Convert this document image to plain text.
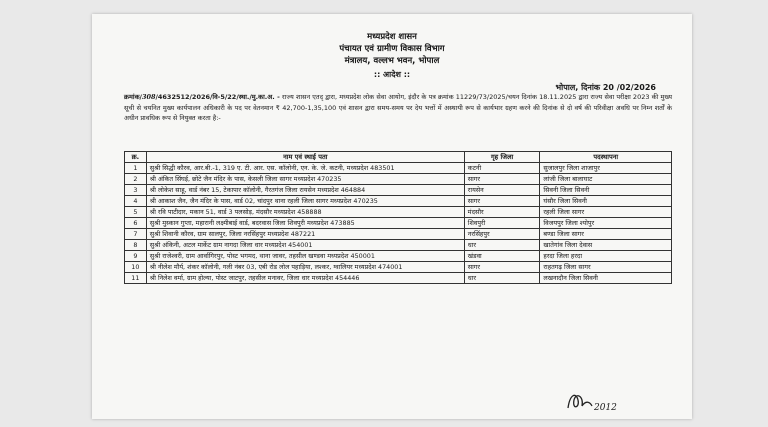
मध्यप्रदेश शासन
पंचायत एवं ग्रामीण विकास विभाग
मंत्रालय, वल्लभ भवन, भोपाल
:: आदेश ::
भोपाल, दिनांक 20 /02/2026
क्रमांक/308/4632512/2026/वि-5/22/स्था./मु.का.अ. - राज्य शासन एतद् द्वारा, मध्यप्रदेश लोक सेवा आयोग, इंदौर के पत्र क्रमांक 11229/73/2025/चयन दिनांक 18.11.2025 द्वारा राज्य सेवा परीक्षा 2023 की मुख्य सूची से चयनित मुख्य कार्यपालन अधिकारी के पद पर वेतनमान ₹ 42,700-1,35,100 एवं शासन द्वारा समय-समय पर देय भत्तों में अस्थायी रूप से कार्यभार ग्रहण करने की दिनांक से दो वर्ष की परिवीक्षा अवधि पर निम्न शर्तों के अधीन प्रावधिक रूप से नियुक्त करता है:-
क्र.	नाम एवं स्थाई पता	गृह जिला	पदस्थापना
1	सुश्री सिद्धी कौरव, आर.बी.-1, 319 ए. टी. आर. एस. कॉलोनी, एन. के. जे. कटनी, मध्यप्रदेश 483501	कटनी	सुजालपुर जिला शाजापुर
2	श्री अंकित सिंघई, छोटे जैन मंदिर के पास, केसली जिला सागर मध्यप्रदेश 470235	सागर	लांजी जिला बालाघाट
3	श्री लोकेश साहू, वार्ड नंबर 15, टेकापार कॉलोनी, गैरतगंज जिला रायसेन मध्यप्रदेश 464884	रायसेन	सिवनी जिला सिवनी
4	श्री आकाश जैन, जैन मंदिर के पास, वार्ड 02, चांदपुर थाना रहली जिला सागर मध्यप्रदेश 470235	सागर	घंसौर जिला सिवनी
5	श्री रवि पाटीदार, मकान 51, वार्ड 3 पलसोड़, मंदसौर मध्यप्रदेश 458888	मंदसौर	रहली जिला सागर
6	सुश्री मुस्कान गुप्ता, महारानी लक्ष्मीबाई वार्ड, बदरवास जिला शिवपुरी मध्यप्रदेश 473885	शिवपुरी	विजयपुर जिला श्योपुर
7	सुश्री शिवानी कौरव, ग्राम सालपुर, जिला नरसिंहपुर मध्यप्रदेश 487221	नरसिंहपुर	बण्डा जिला सागर
8	सुश्री अंकिनी, अटल मार्केट ग्राम नागदा जिला धार मध्यप्रदेश 454001	धार	खातेगांव जिला देवास
9	सुश्री राजेश्वरी, ग्राम आर्वागिरपुर, पोस्ट भगमद, थाना जावर, तहसील खण्डवा मध्यप्रदेश 450001	खंडवा	हरदा जिला हरदा
10	श्री नीलेश मौर्य, शंकर कॉलोनी, गली नंबर 03, एबी रोड लोल पहाड़िया, लश्कर, ग्वालियर मध्यप्रदेश 474001	सागर	राहतगढ़ जिला सागर
11	श्री निलेश वर्मा, ग्राम होल्या, पोस्ट जाटपुर, तहसील मनावर, जिला धार मध्यप्रदेश 454446	धार	लखनादौन जिला सिवनी
2012
